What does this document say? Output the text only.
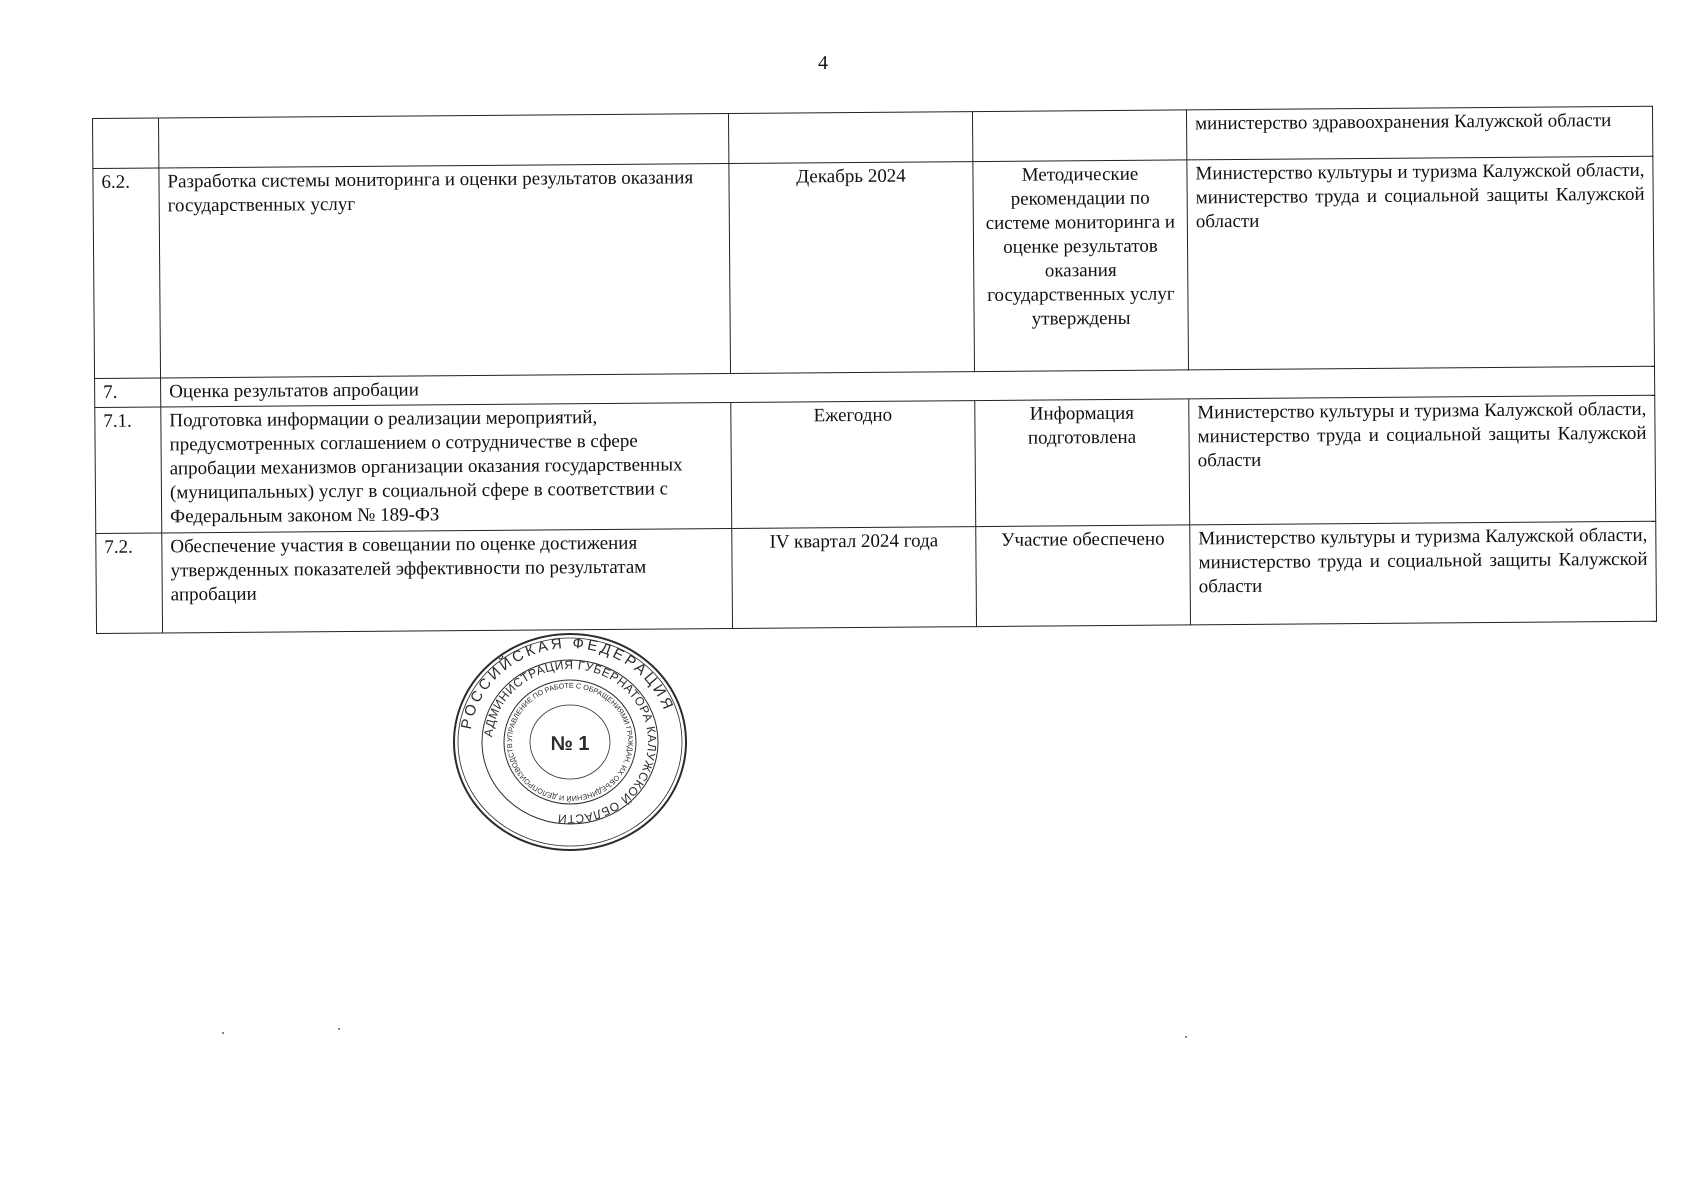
4
				министерство здравоохранения Калужской области
6.2.	Разработка системы мониторинга и оценки результатов оказания государственных услуг	Декабрь 2024	Методические рекомендации по системе мониторинга и оценке результатов оказания государственных услуг утверждены	Министерство культуры и туризма Калужской области, министерство труда и социальной защиты Калужской области
7.	Оценка результатов апробации			
7.1.	Подготовка информации о реализации мероприятий, предусмотренных соглашением о сотрудничестве в сфере апробации механизмов организации оказания государственных (муниципальных) услуг в социальной сфере в соответствии с Федеральным законом № 189-ФЗ	Ежегодно	Информация подготовлена	Министерство культуры и туризма Калужской области, министерство труда и социальной защиты Калужской области
7.2.	Обеспечение участия в совещании по оценке достижения утвержденных показателей эффективности по результатам апробации	IV квартал 2024 года	Участие обеспечено	Министерство культуры и туризма Калужской области, министерство труда и социальной защиты Калужской области
РОССИЙСКАЯ ФЕДЕРАЦИЯ
АДМИНИСТРАЦИЯ ГУБЕРНАТОРА КАЛУЖСКОЙ ОБЛАСТИ
УПРАВЛЕНИЕ ПО РАБОТЕ С ОБРАЩЕНИЯМИ ГРАЖДАН, ИХ ОБЪЕДИНЕНИЙ И ДЕЛОПРОИЗВОДСТВ	№ 1
